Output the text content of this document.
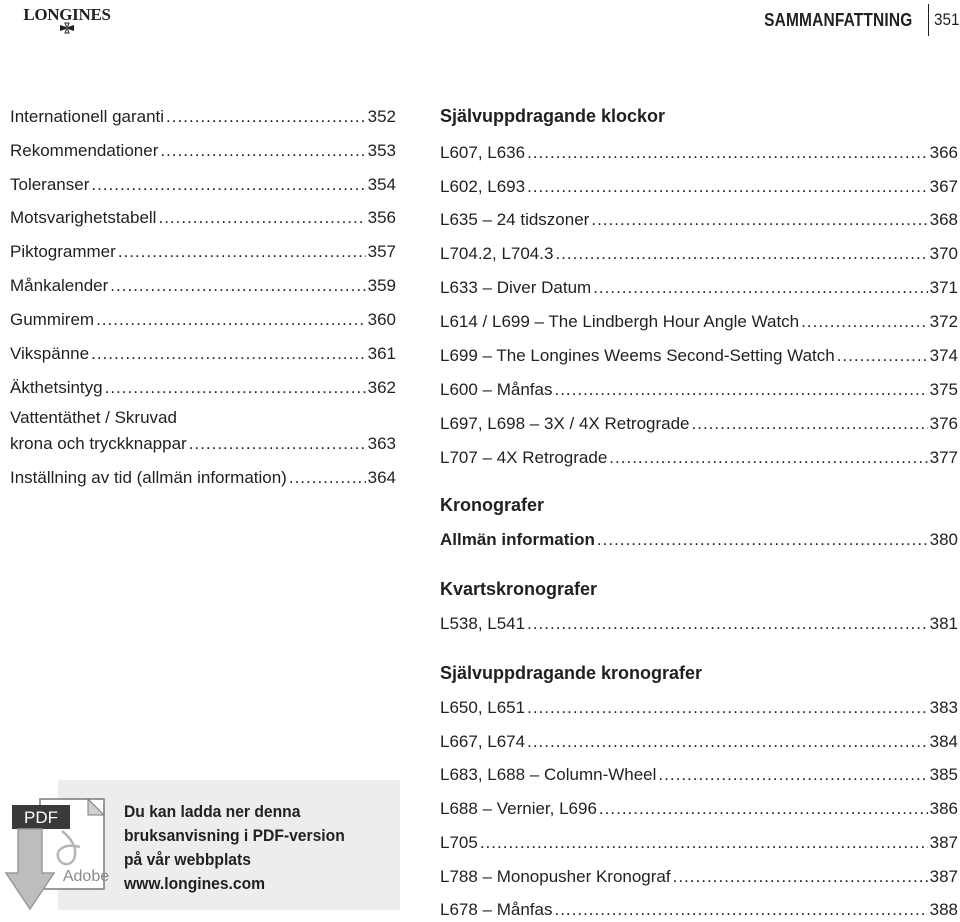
LONGINES	SAMMANFATTNING 351
Internationell garanti .....	352
Rekommendationer .....	353
Toleranser .....	354
Motsvarighetstabell .....	356
Piktogrammer .....	357
Månkalender .....	359
Gummirem .....	360
Vikspänne .....	361
Äkthetsintyg .....	362
Vattentäthet / Skruvad
krona och tryckknappar .....	363
Inställning av tid (allmän information) .....	364
Självuppdragande klockor
L607, L636 .....	366
L602, L693 .....	367
L635 – 24 tidszoner .....	368
L704.2, L704.3 .....	370
L633 – Diver Datum .....	371
L614 / L699 – The Lindbergh Hour Angle Watch .....	372
L699 – The Longines Weems Second-Setting Watch .....	374
L600 – Månfas .....	375
L697, L698 – 3X / 4X Retrograde .....	376
L707 – 4X Retrograde .....	377
Kronografer
Allmän information .....	380
Kvartskronografer
L538, L541 .....	381
Självuppdragande kronografer
L650, L651 .....	383
L667, L674 .....	384
L683, L688 – Column-Wheel .....	385
L688 – Vernier, L696 .....	386
L705 .....	387
L788 – Monopusher Kronograf .....	387
L678 – Månfas .....	388
PDF
Adobe
Du kan ladda ner denna
bruksanvisning i PDF-version
på vår webbplats
www.longines.com
